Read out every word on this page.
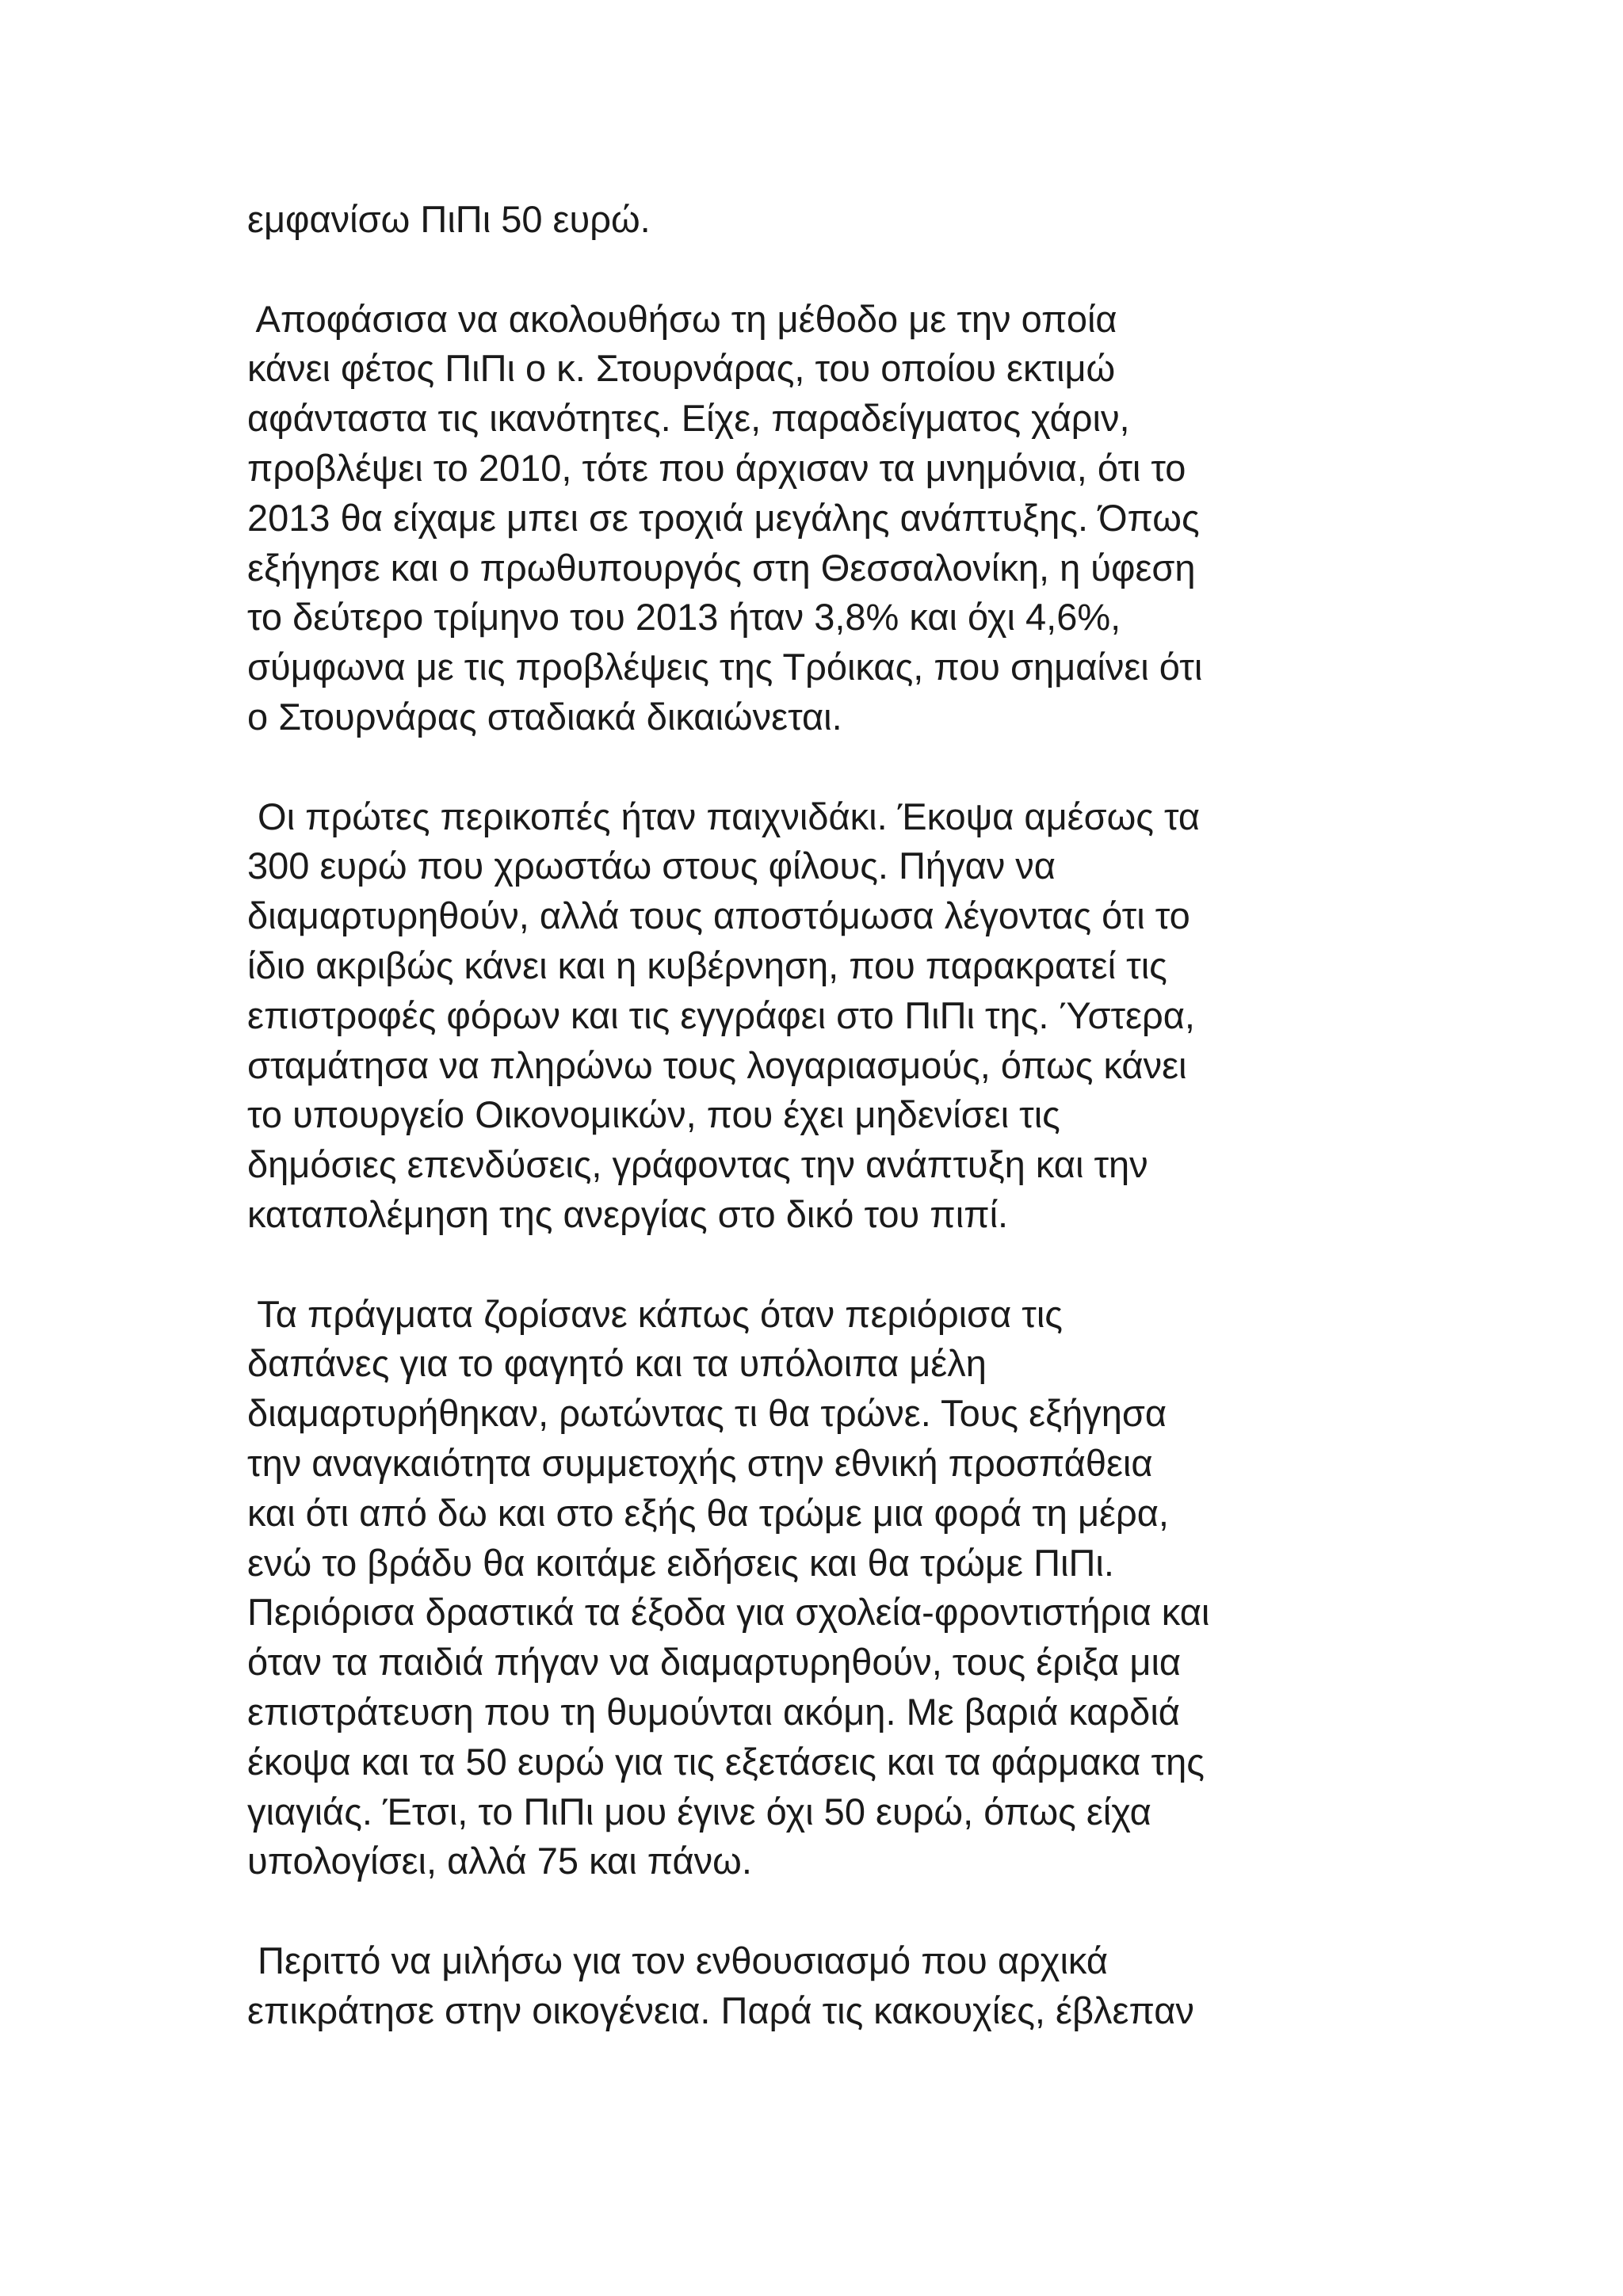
εμφανίσω ΠιΠι 50 ευρώ.
Αποφάσισα να ακολουθήσω τη μέθοδο με την οποία
κάνει φέτος ΠιΠι ο κ. Στουρνάρας, του οποίου εκτιμώ
αφάνταστα τις ικανότητες. Είχε, παραδείγματος χάριν,
προβλέψει το 2010, τότε που άρχισαν τα μνημόνια, ότι το
2013 θα είχαμε μπει σε τροχιά μεγάλης ανάπτυξης. Όπως
εξήγησε και ο πρωθυπουργός στη Θεσσαλονίκη, η ύφεση
το δεύτερο τρίμηνο του 2013 ήταν 3,8% και όχι 4,6%,
σύμφωνα με τις προβλέψεις της Τρόικας, που σημαίνει ότι
ο Στουρνάρας σταδιακά δικαιώνεται.
Οι πρώτες περικοπές ήταν παιχνιδάκι. Έκοψα αμέσως τα
300 ευρώ που χρωστάω στους φίλους. Πήγαν να
διαμαρτυρηθούν, αλλά τους αποστόμωσα λέγοντας ότι το
ίδιο ακριβώς κάνει και η κυβέρνηση, που παρακρατεί τις
επιστροφές φόρων και τις εγγράφει στο ΠιΠι της. Ύστερα,
σταμάτησα να πληρώνω τους λογαριασμούς, όπως κάνει
το υπουργείο Οικονομικών, που έχει μηδενίσει τις
δημόσιες επενδύσεις, γράφοντας την ανάπτυξη και την
καταπολέμηση της ανεργίας στο δικό του πιπί.
Τα πράγματα ζορίσανε κάπως όταν περιόρισα τις
δαπάνες για το φαγητό και τα υπόλοιπα μέλη
διαμαρτυρήθηκαν, ρωτώντας τι θα τρώνε. Τους εξήγησα
την αναγκαιότητα συμμετοχής στην εθνική προσπάθεια
και ότι από δω και στο εξής θα τρώμε μια φορά τη μέρα,
ενώ το βράδυ θα κοιτάμε ειδήσεις και θα τρώμε ΠιΠι.
Περιόρισα δραστικά τα έξοδα για σχολεία-φροντιστήρια και
όταν τα παιδιά πήγαν να διαμαρτυρηθούν, τους έριξα μια
επιστράτευση που τη θυμούνται ακόμη. Με βαριά καρδιά
έκοψα και τα 50 ευρώ για τις εξετάσεις και τα φάρμακα της
γιαγιάς. Έτσι, το ΠιΠι μου έγινε όχι 50 ευρώ, όπως είχα
υπολογίσει, αλλά 75 και πάνω.
Περιττό να μιλήσω για τον ενθουσιασμό που αρχικά
επικράτησε στην οικογένεια. Παρά τις κακουχίες, έβλεπαν
